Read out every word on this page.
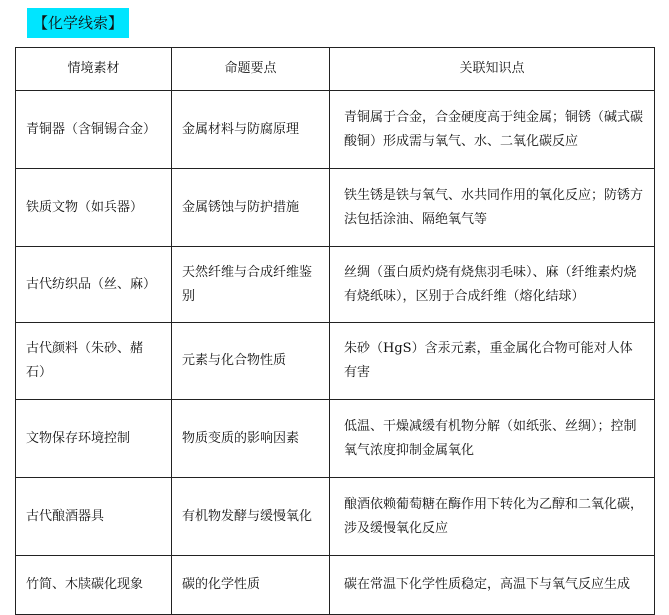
【化学线索】
情境素材	命题要点	关联知识点
青铜器（含铜锡合金）	金属材料与防腐原理	青铜属于合金，合金硬度高于纯金属；铜锈（碱式碳酸铜）形成需与氧气、水、二氧化碳反应
铁质文物（如兵器）	金属锈蚀与防护措施	铁生锈是铁与氧气、水共同作用的氧化反应；防锈方法包括涂油、隔绝氧气等
古代纺织品（丝、麻）	天然纤维与合成纤维鉴别	丝绸（蛋白质灼烧有烧焦羽毛味）、麻（纤维素灼烧有烧纸味），区别于合成纤维（熔化结球）
古代颜料（朱砂、赭石）	元素与化合物性质	朱砂（HgS）含汞元素，重金属化合物可能对人体有害
文物保存环境控制	物质变质的影响因素	低温、干燥减缓有机物分解（如纸张、丝绸）；控制氧气浓度抑制金属氧化
古代酿酒器具	有机物发酵与缓慢氧化	酿酒依赖葡萄糖在酶作用下转化为乙醇和二氧化碳，涉及缓慢氧化反应
竹简、木牍碳化现象	碳的化学性质	碳在常温下化学性质稳定，高温下与氧气反应生成
